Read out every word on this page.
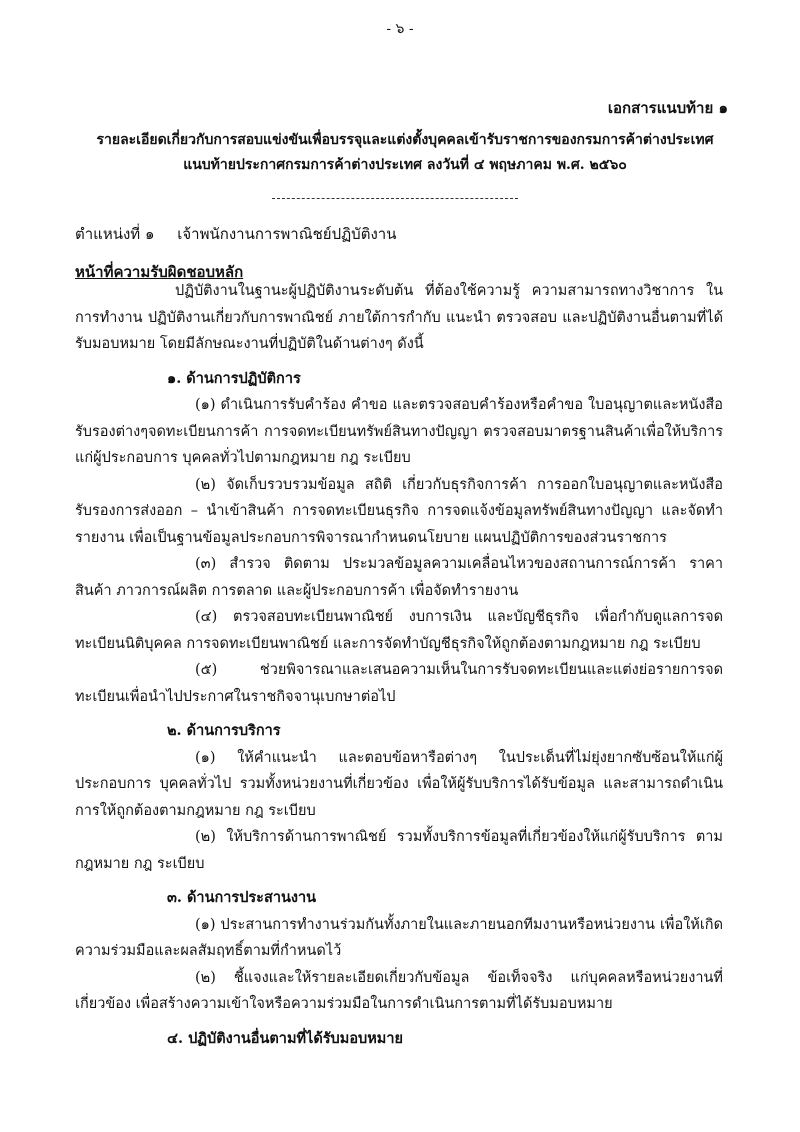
- ๖ -
เอกสารแนบท้าย ๑
รายละเอียดเกี่ยวกับการสอบแข่งขันเพื่อบรรจุและแต่งตั้งบุคคลเข้ารับราชการของกรมการค้าต่างประเทศ
แนบท้ายประกาศกรมการค้าต่างประเทศ ลงวันที่ ๔ พฤษภาคม พ.ศ. ๒๕๖๐
ตำแหน่งที่ ๑ เจ้าพนักงานการพาณิชย์ปฏิบัติงาน
หน้าที่ความรับผิดชอบหลัก

ปฏิบัติงานในฐานะผู้ปฏิบัติงานระดับต้น ที่ต้องใช้ความรู้ ความสามารถทางวิชาการ ในการทำงาน ปฏิบัติงานเกี่ยวกับการพาณิชย์ ภายใต้การกำกับ แนะนำ ตรวจสอบ และปฏิบัติงานอื่นตามที่ได้รับมอบหมาย โดยมีลักษณะงานที่ปฏิบัติในด้านต่างๆ ดังนี้

๑. ด้านการปฏิบัติการ

(๑) ดำเนินการรับคำร้อง คำขอ และตรวจสอบคำร้องหรือคำขอ ใบอนุญาตและหนังสือรับรองต่างๆจดทะเบียนการค้า การจดทะเบียนทรัพย์สินทางปัญญา ตรวจสอบมาตรฐานสินค้าเพื่อให้บริการแก่ผู้ประกอบการ บุคคลทั่วไปตามกฎหมาย กฎ ระเบียบ

(๒) จัดเก็บรวบรวมข้อมูล สถิติ เกี่ยวกับธุรกิจการค้า การออกใบอนุญาตและหนังสือรับรองการส่งออก – นำเข้าสินค้า การจดทะเบียนธุรกิจ การจดแจ้งข้อมูลทรัพย์สินทางปัญญา และจัดทำรายงาน เพื่อเป็นฐานข้อมูลประกอบการพิจารณากำหนดนโยบาย แผนปฏิบัติการของส่วนราชการ

(๓) สำรวจ ติดตาม ประมวลข้อมูลความเคลื่อนไหวของสถานการณ์การค้า ราคาสินค้า ภาวการณ์ผลิต การตลาด และผู้ประกอบการค้า เพื่อจัดทำรายงาน

(๔) ตรวจสอบทะเบียนพาณิชย์ งบการเงิน และบัญชีธุรกิจ เพื่อกำกับดูแลการจดทะเบียนนิติบุคคล การจดทะเบียนพาณิชย์ และการจัดทำบัญชีธุรกิจให้ถูกต้องตามกฎหมาย กฎ ระเบียบ

(๕) ช่วยพิจารณาและเสนอความเห็นในการรับจดทะเบียนและแต่งย่อรายการจดทะเบียนเพื่อนำไปประกาศในราชกิจจานุเบกษาต่อไป

๒. ด้านการบริการ

(๑) ให้คำแนะนำ และตอบข้อหารือต่างๆ ในประเด็นที่ไม่ยุ่งยากซับซ้อนให้แก่ผู้ประกอบการ บุคคลทั่วไป รวมทั้งหน่วยงานที่เกี่ยวข้อง เพื่อให้ผู้รับบริการได้รับข้อมูล และสามารถดำเนินการให้ถูกต้องตามกฎหมาย กฎ ระเบียบ

(๒) ให้บริการด้านการพาณิชย์ รวมทั้งบริการข้อมูลที่เกี่ยวข้องให้แก่ผู้รับบริการ ตามกฎหมาย กฎ ระเบียบ

๓. ด้านการประสานงาน

(๑) ประสานการทำงานร่วมกันทั้งภายในและภายนอกทีมงานหรือหน่วยงาน เพื่อให้เกิดความร่วมมือและผลสัมฤทธิ์ตามที่กำหนดไว้

(๒) ชี้แจงและให้รายละเอียดเกี่ยวกับข้อมูล ข้อเท็จจริง แก่บุคคลหรือหน่วยงานที่เกี่ยวข้อง เพื่อสร้างความเข้าใจหรือความร่วมมือในการดำเนินการตามที่ได้รับมอบหมาย

๔. ปฏิบัติงานอื่นตามที่ได้รับมอบหมาย
